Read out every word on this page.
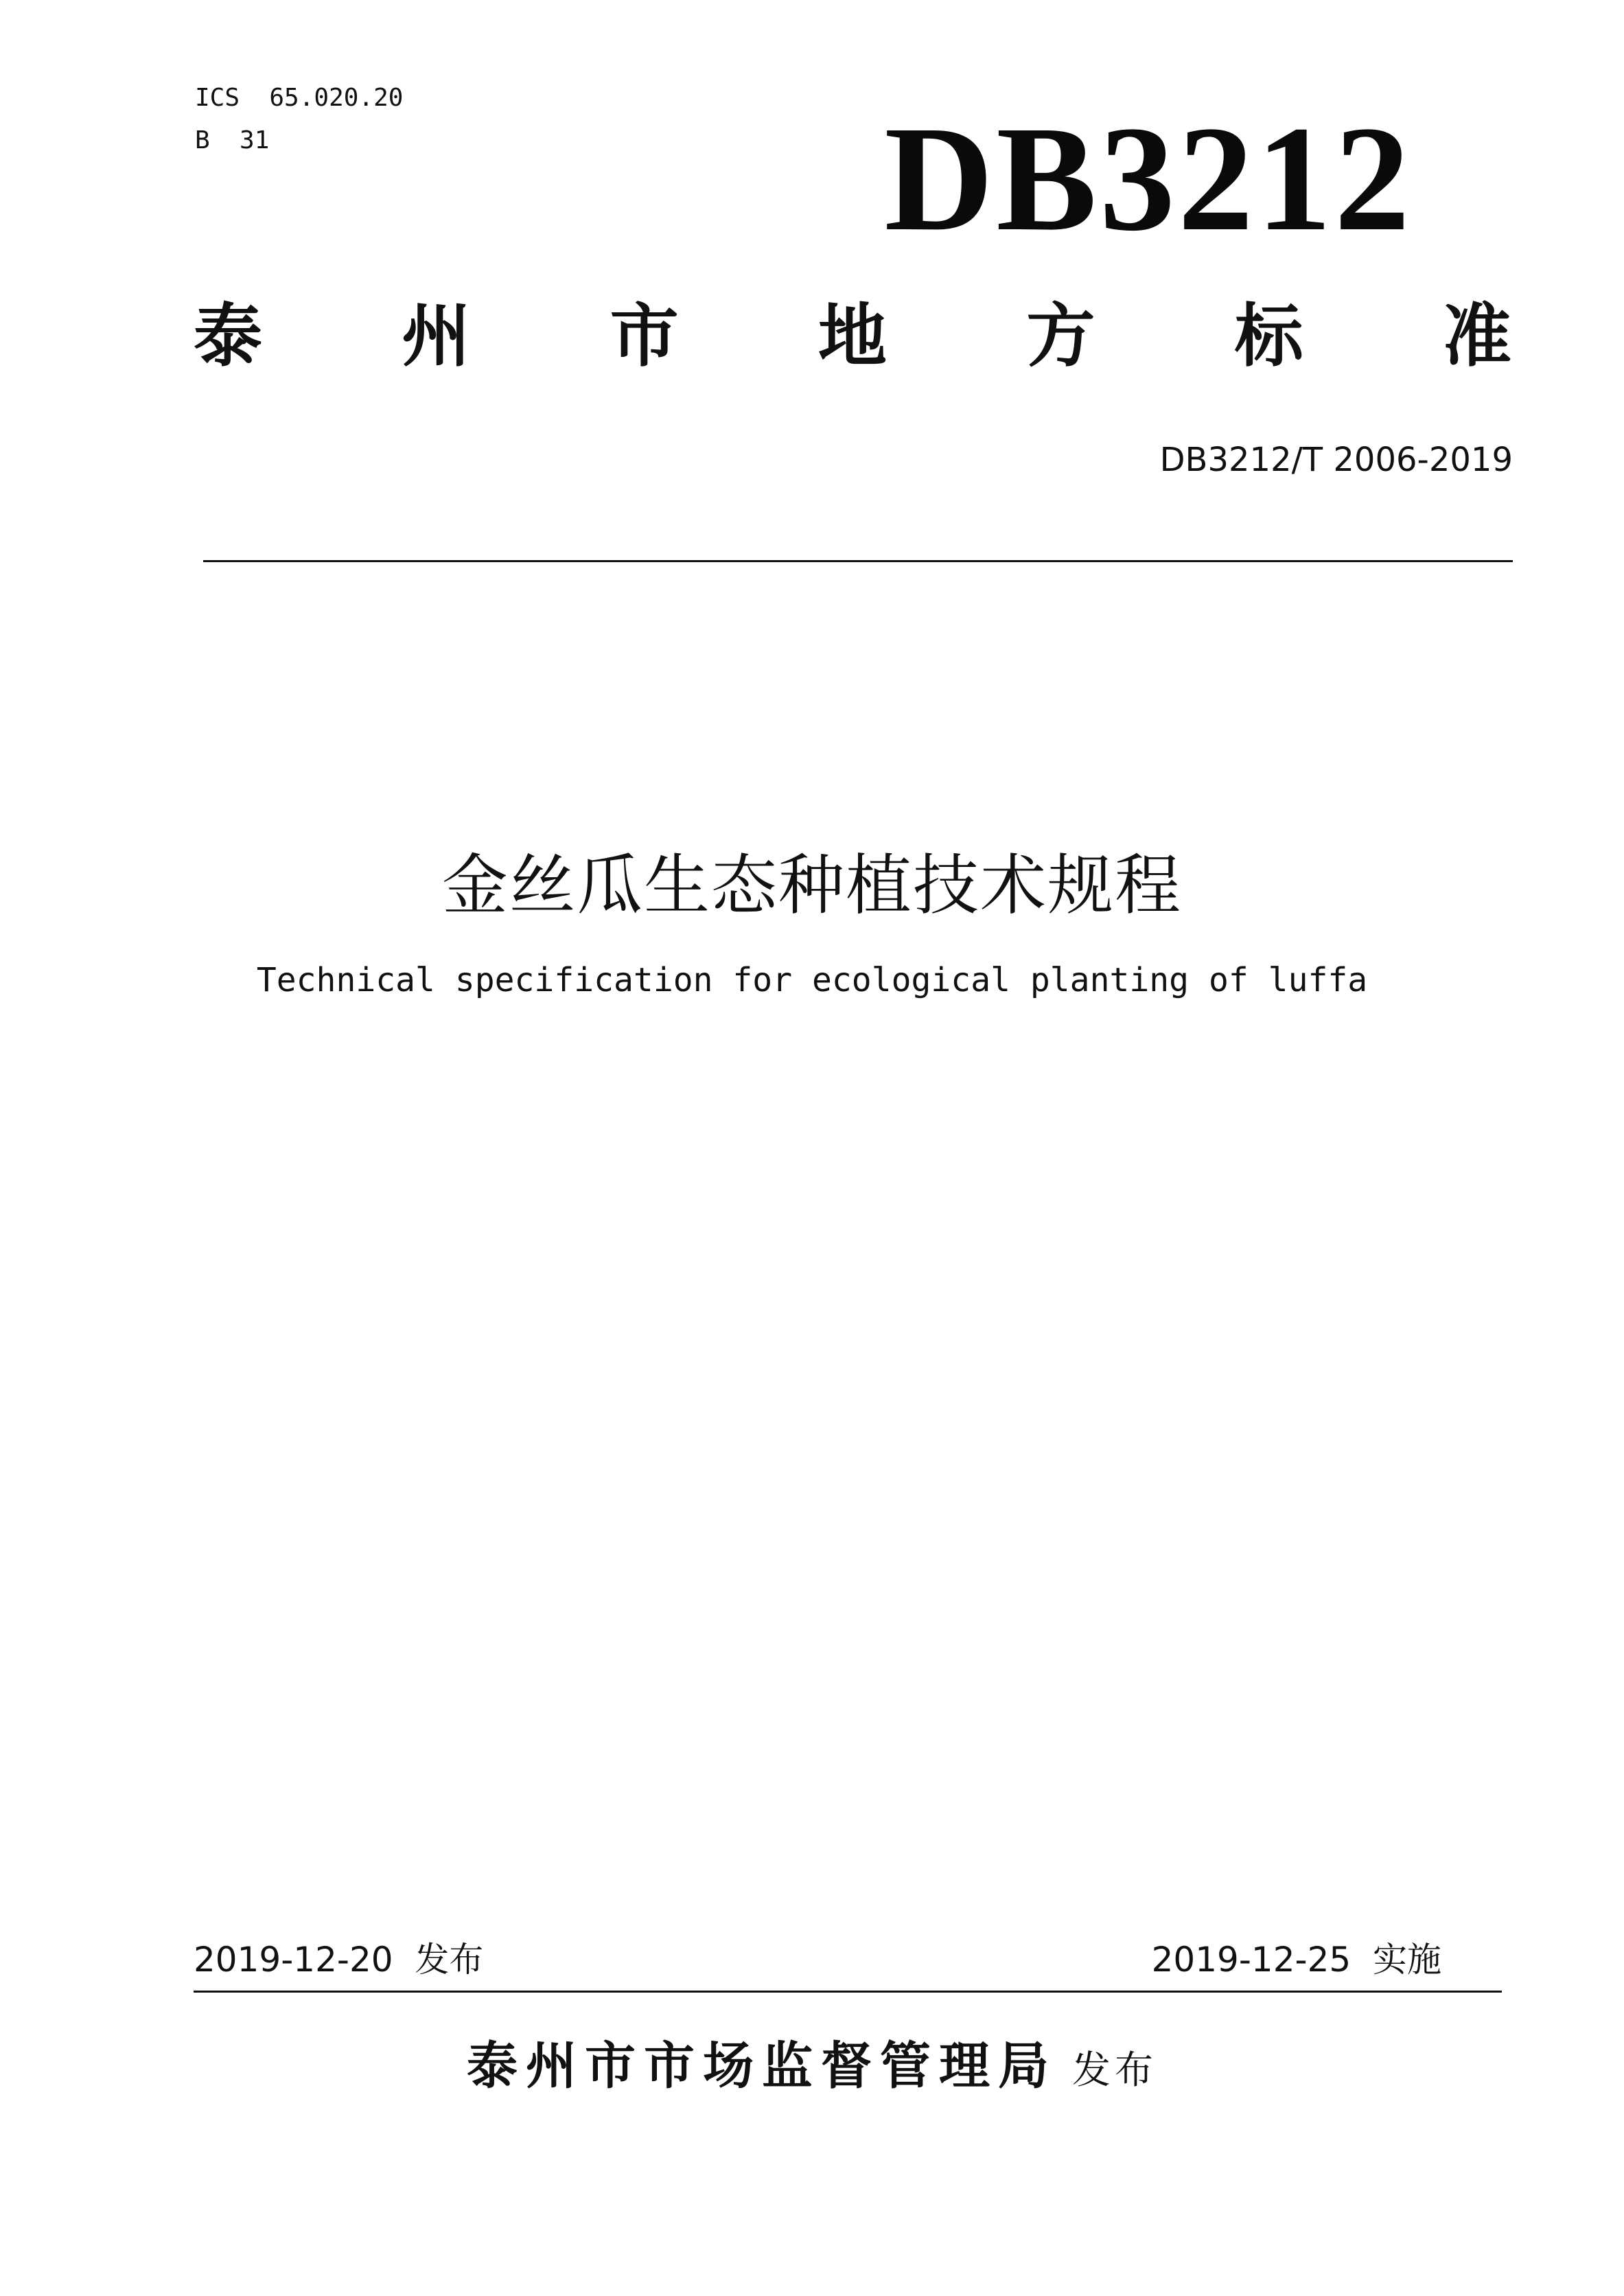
ICS  65.020.20
B  31	DB3212
泰 州 市 地 方 标 准
DB3212/T 2006-2019
金丝瓜生态种植技术规程
Technical specification for ecological planting of luffa
2019-12-20  发布	2019-12-25  实施
泰州市市场监督管理局 发布
